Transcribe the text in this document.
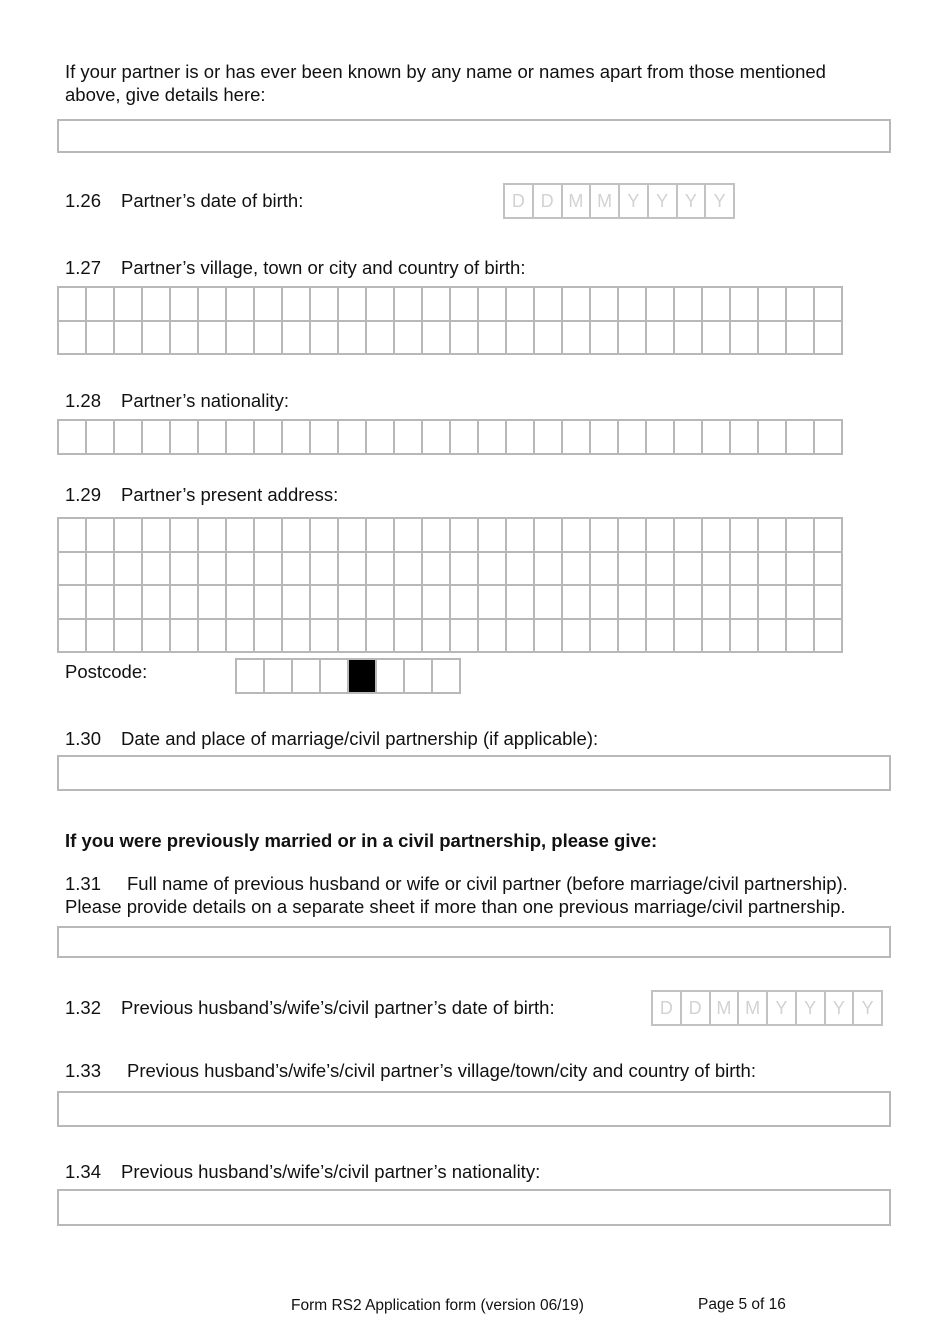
If your partner is or has ever been known by any name or names apart from those mentioned
above, give details here:
1.26 Partner’s date of birth:	D	D	M	M	Y	Y	Y	Y
1.27 Partner’s village, town or city and country of birth:

1.28 Partner’s nationality:

1.29 Partner’s present address:

Postcode:

1.30 Date and place of marriage/civil partnership (if applicable):
If you were previously married or in a civil partnership, please give:
1.31 Full name of previous husband or wife or civil partner (before marriage/civil partnership).
Please provide details on a separate sheet if more than one previous marriage/civil partnership.
1.32 Previous husband’s/wife’s/civil partner’s date of birth:	D	D	M	M	Y	Y	Y	Y
1.33 Previous husband’s/wife’s/civil partner’s village/town/city and country of birth:
1.34 Previous husband’s/wife’s/civil partner’s nationality:
Form RS2 Application form (version 06/19)	Page 5 of 16
